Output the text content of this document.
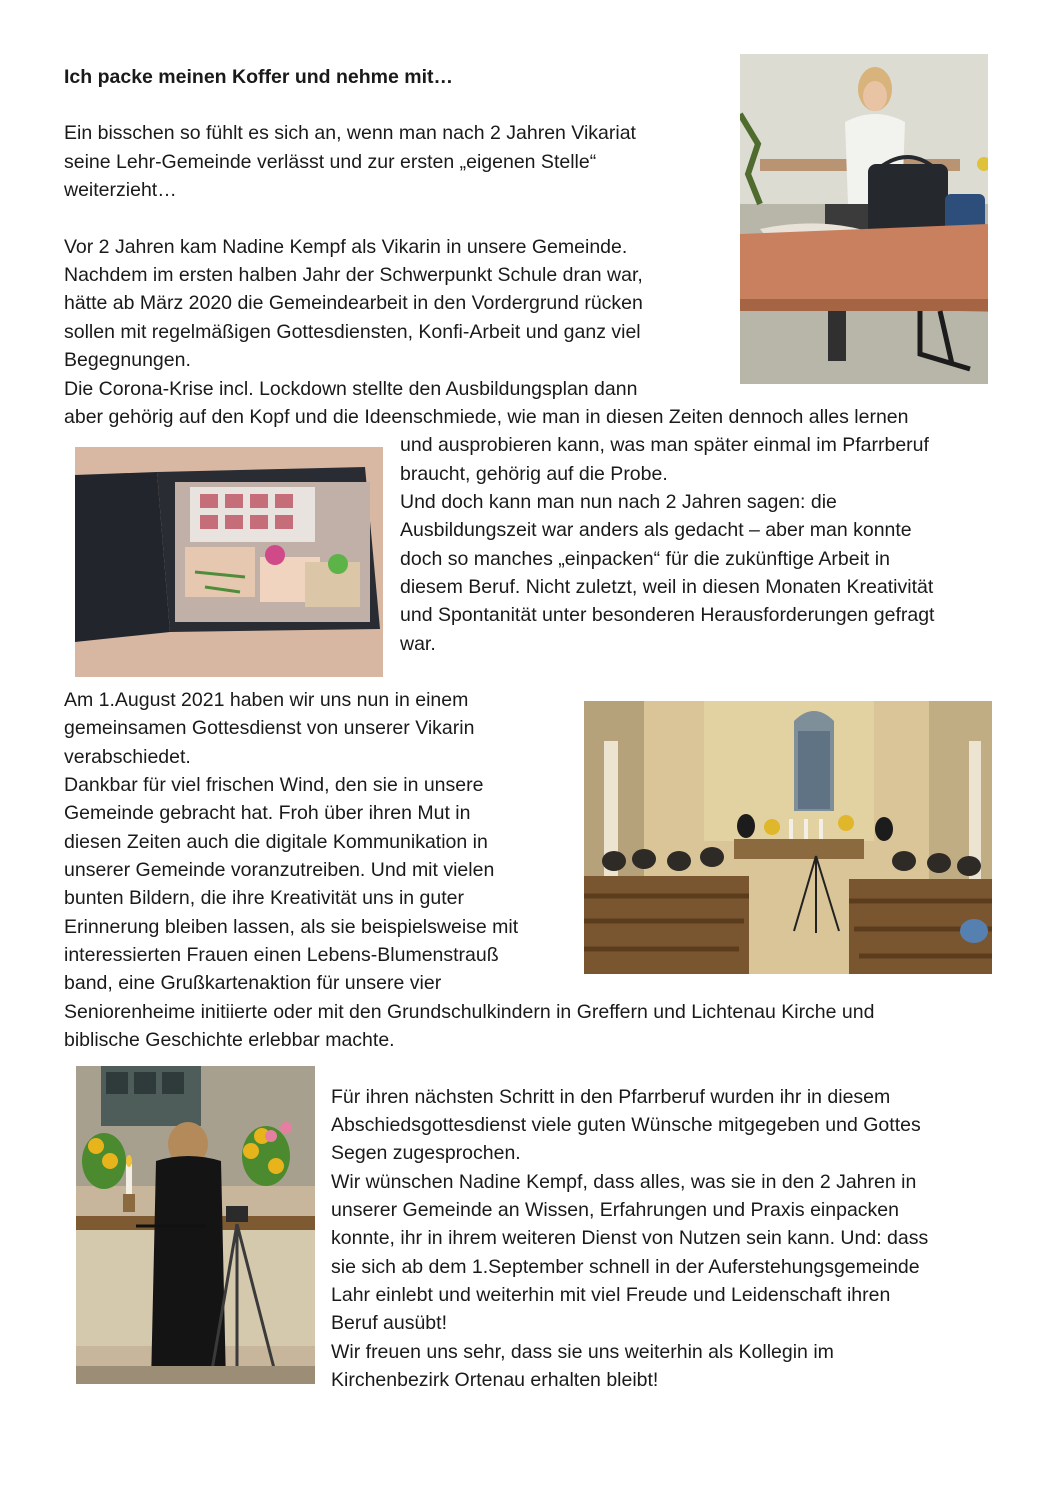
Ich packe meinen Koffer und nehme mit…
Ein bisschen so fühlt es sich an, wenn man nach 2 Jahren Vikariat
seine Lehr-Gemeinde verlässt und zur ersten „eigenen Stelle“
weiterzieht…
Vor 2 Jahren kam Nadine Kempf als Vikarin in unsere Gemeinde.
Nachdem im ersten halben Jahr der Schwerpunkt Schule dran war,
hätte ab März 2020 die Gemeindearbeit in den Vordergrund rücken
sollen mit regelmäßigen Gottesdiensten, Konfi-Arbeit und ganz viel
Begegnungen.
Die Corona-Krise incl. Lockdown stellte den Ausbildungsplan dann
aber gehörig auf den Kopf und die Ideenschmiede, wie man in diesen Zeiten dennoch alles lernen
und ausprobieren kann, was man später einmal im Pfarrberuf
braucht, gehörig auf die Probe.
Und doch kann man nun nach 2 Jahren sagen: die
Ausbildungszeit war anders als gedacht – aber man konnte
doch so manches „einpacken“ für die zukünftige Arbeit in
diesem Beruf. Nicht zuletzt, weil in diesen Monaten Kreativität
und Spontanität unter besonderen Herausforderungen gefragt
war.
Am 1.August 2021 haben wir uns nun in einem
gemeinsamen Gottesdienst von unserer Vikarin
verabschiedet.
Dankbar für viel frischen Wind, den sie in unsere
Gemeinde gebracht hat. Froh über ihren Mut in
diesen Zeiten auch die digitale Kommunikation in
unserer Gemeinde voranzutreiben. Und mit vielen
bunten Bildern, die ihre Kreativität uns in guter
Erinnerung bleiben lassen, als sie beispielsweise mit
interessierten Frauen einen Lebens-Blumenstrauß
band, eine Grußkartenaktion für unsere vier
Seniorenheime initiierte oder mit den Grundschulkindern in Greffern und Lichtenau Kirche und
biblische Geschichte erlebbar machte.
Für ihren nächsten Schritt in den Pfarrberuf wurden ihr in diesem
Abschiedsgottesdienst viele guten Wünsche mitgegeben und Gottes
Segen zugesprochen.
Wir wünschen Nadine Kempf, dass alles, was sie in den 2 Jahren in
unserer Gemeinde an Wissen, Erfahrungen und Praxis einpacken
konnte, ihr in ihrem weiteren Dienst von Nutzen sein kann. Und: dass
sie sich ab dem 1.September schnell in der Auferstehungsgemeinde
Lahr einlebt und weiterhin mit viel Freude und Leidenschaft ihren
Beruf ausübt!
Wir freuen uns sehr, dass sie uns weiterhin als Kollegin im
Kirchenbezirk Ortenau erhalten bleibt!
